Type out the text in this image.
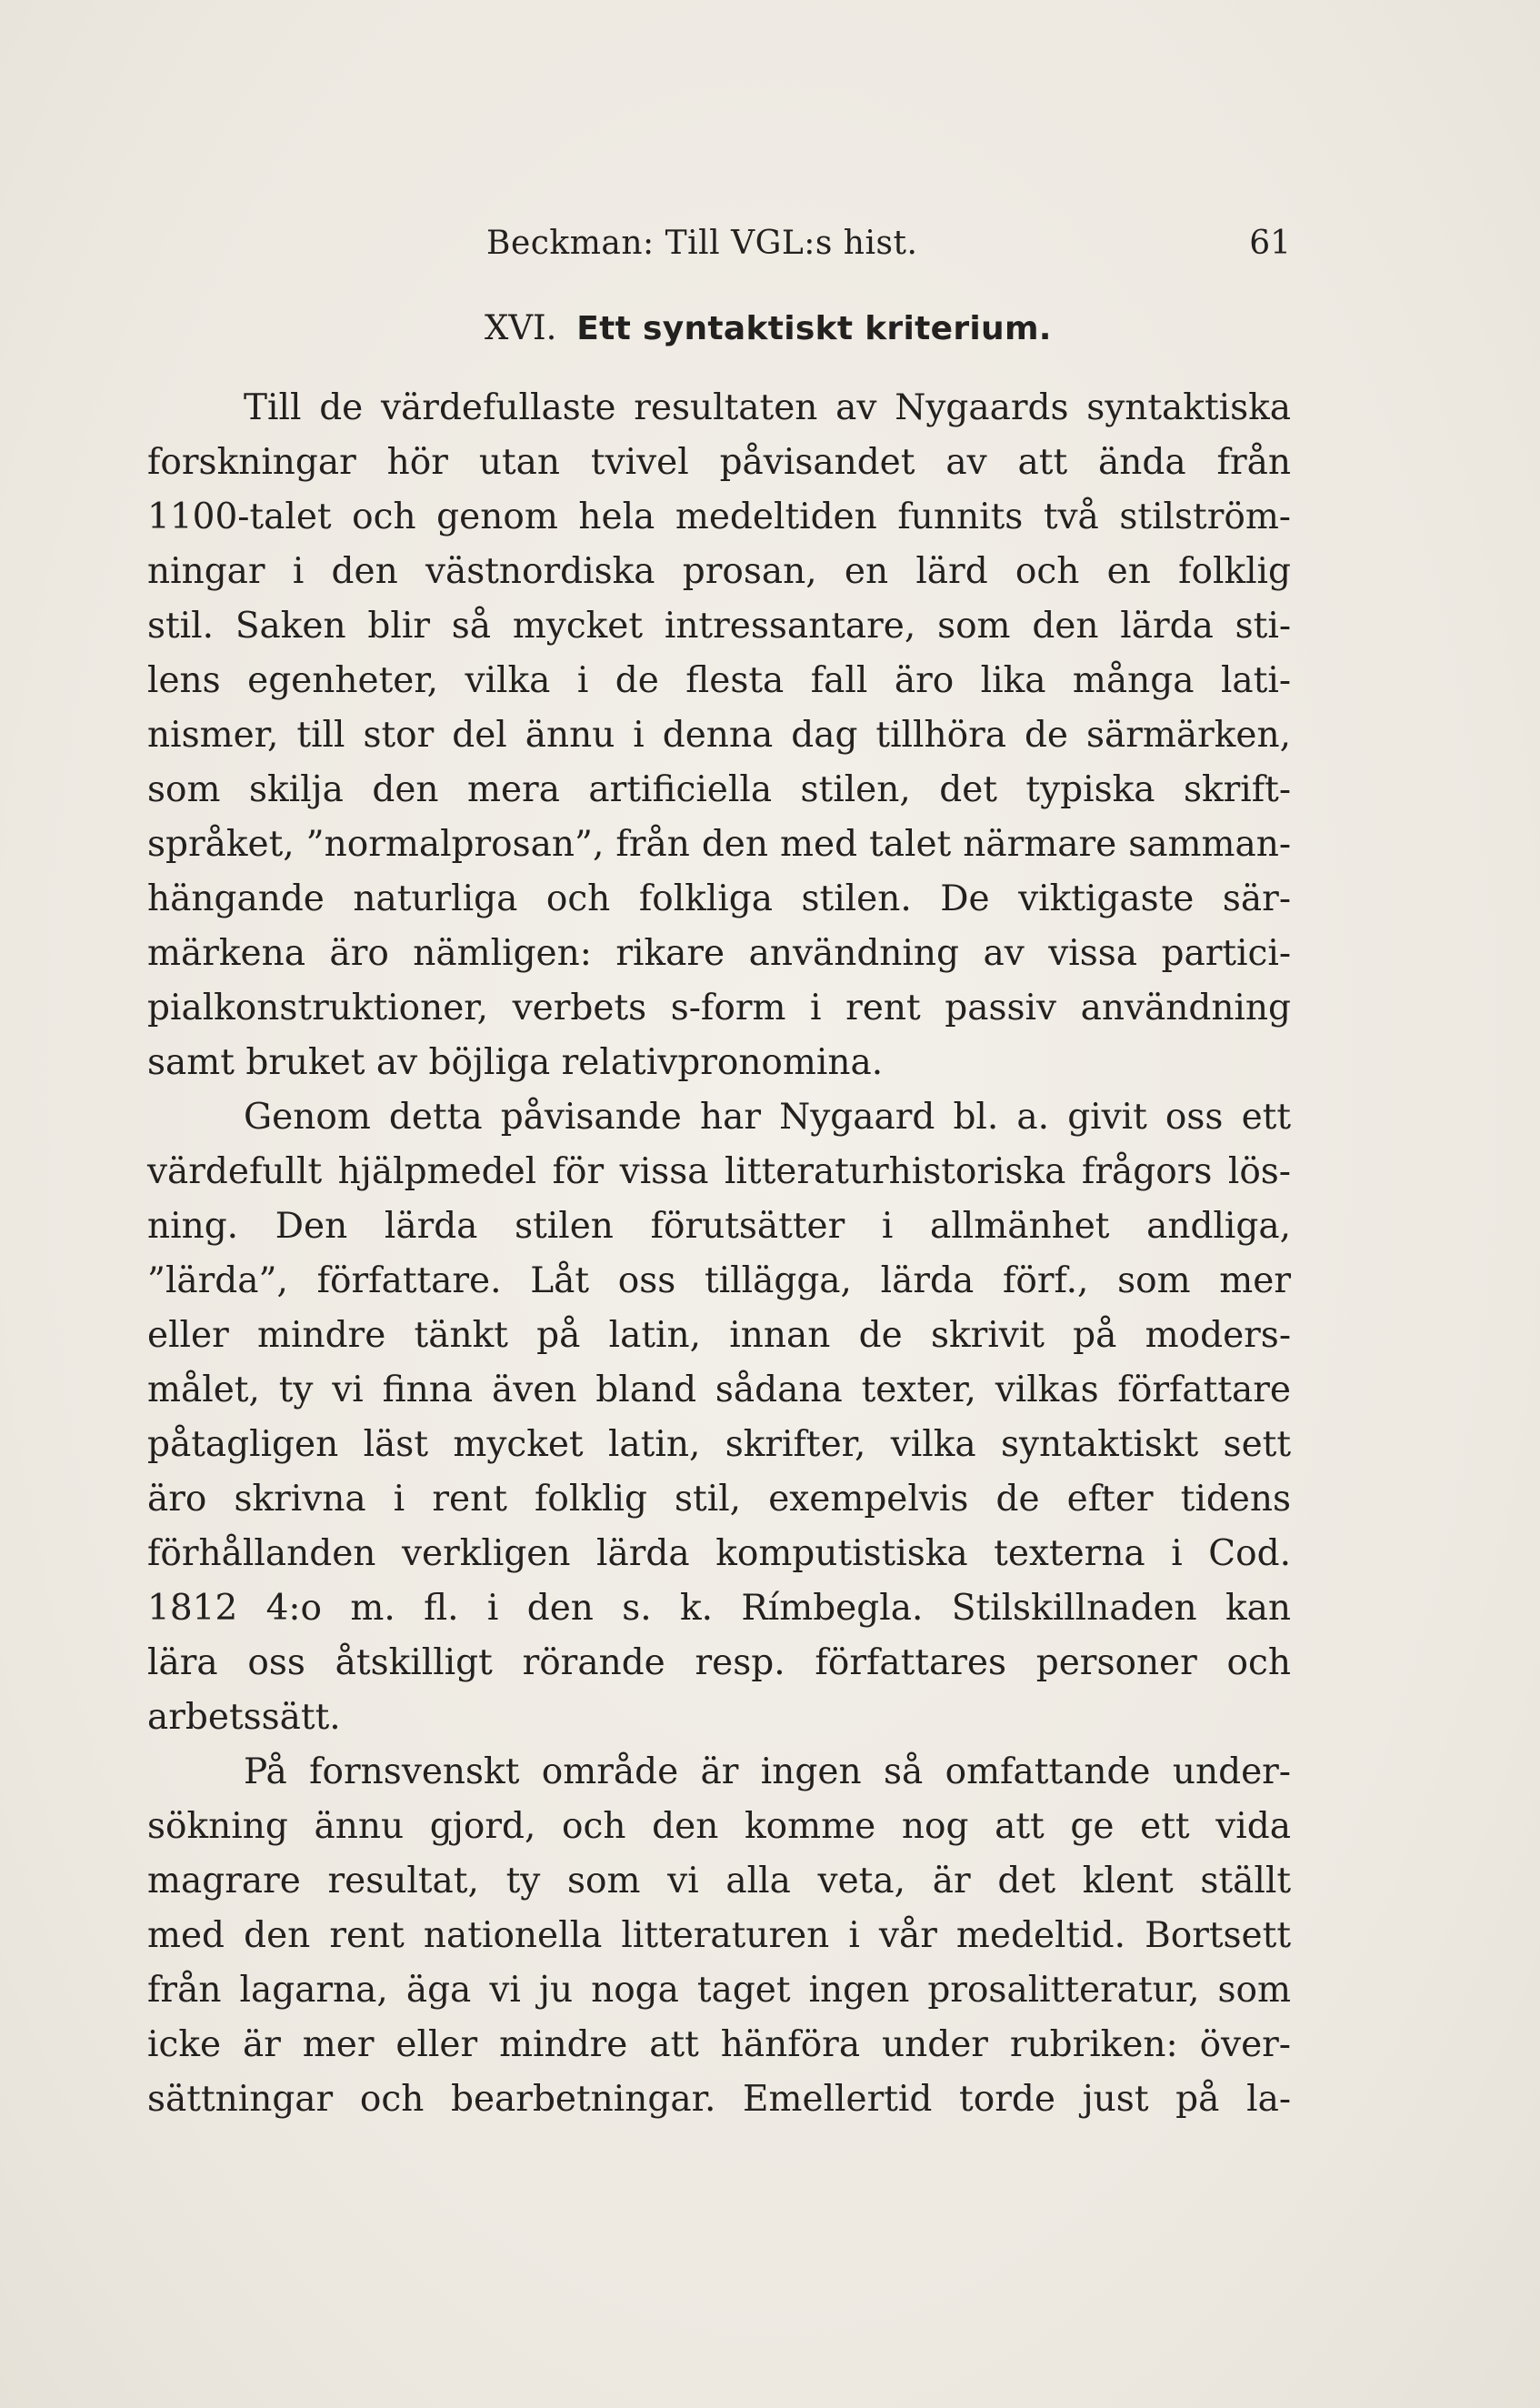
Beckman: Till VGL:s hist.	61
XVI. Ett syntaktiskt kriterium.
Till de värdefullaste resultaten av Nygaards syntaktiska
forskningar hör utan tvivel påvisandet av att ända från
1100-talet och genom hela medeltiden funnits två stilström-
ningar i den västnordiska prosan, en lärd och en folklig
stil. Saken blir så mycket intressantare, som den lärda sti-
lens egenheter, vilka i de flesta fall äro lika många lati-
nismer, till stor del ännu i denna dag tillhöra de särmärken,
som skilja den mera artificiella stilen, det typiska skrift-
språket, ”normalprosan”, från den med talet närmare samman-
hängande naturliga och folkliga stilen. De viktigaste sär-
märkena äro nämligen: rikare användning av vissa partici-
pialkonstruktioner, verbets s-form i rent passiv användning
samt bruket av böjliga relativpronomina.
Genom detta påvisande har Nygaard bl. a. givit oss ett
värdefullt hjälpmedel för vissa litteraturhistoriska frågors lös-
ning. Den lärda stilen förutsätter i allmänhet andliga,
”lärda”, författare. Låt oss tillägga, lärda förf., som mer
eller mindre tänkt på latin, innan de skrivit på moders-
målet, ty vi finna även bland sådana texter, vilkas författare
påtagligen läst mycket latin, skrifter, vilka syntaktiskt sett
äro skrivna i rent folklig stil, exempelvis de efter tidens
förhållanden verkligen lärda komputistiska texterna i Cod.
1812 4:o m. fl. i den s. k. Rímbegla. Stilskillnaden kan
lära oss åtskilligt rörande resp. författares personer och
arbetssätt.
På fornsvenskt område är ingen så omfattande under-
sökning ännu gjord, och den komme nog att ge ett vida
magrare resultat, ty som vi alla veta, är det klent ställt
med den rent nationella litteraturen i vår medeltid. Bortsett
från lagarna, äga vi ju noga taget ingen prosalitteratur, som
icke är mer eller mindre att hänföra under rubriken: över-
sättningar och bearbetningar. Emellertid torde just på la-
